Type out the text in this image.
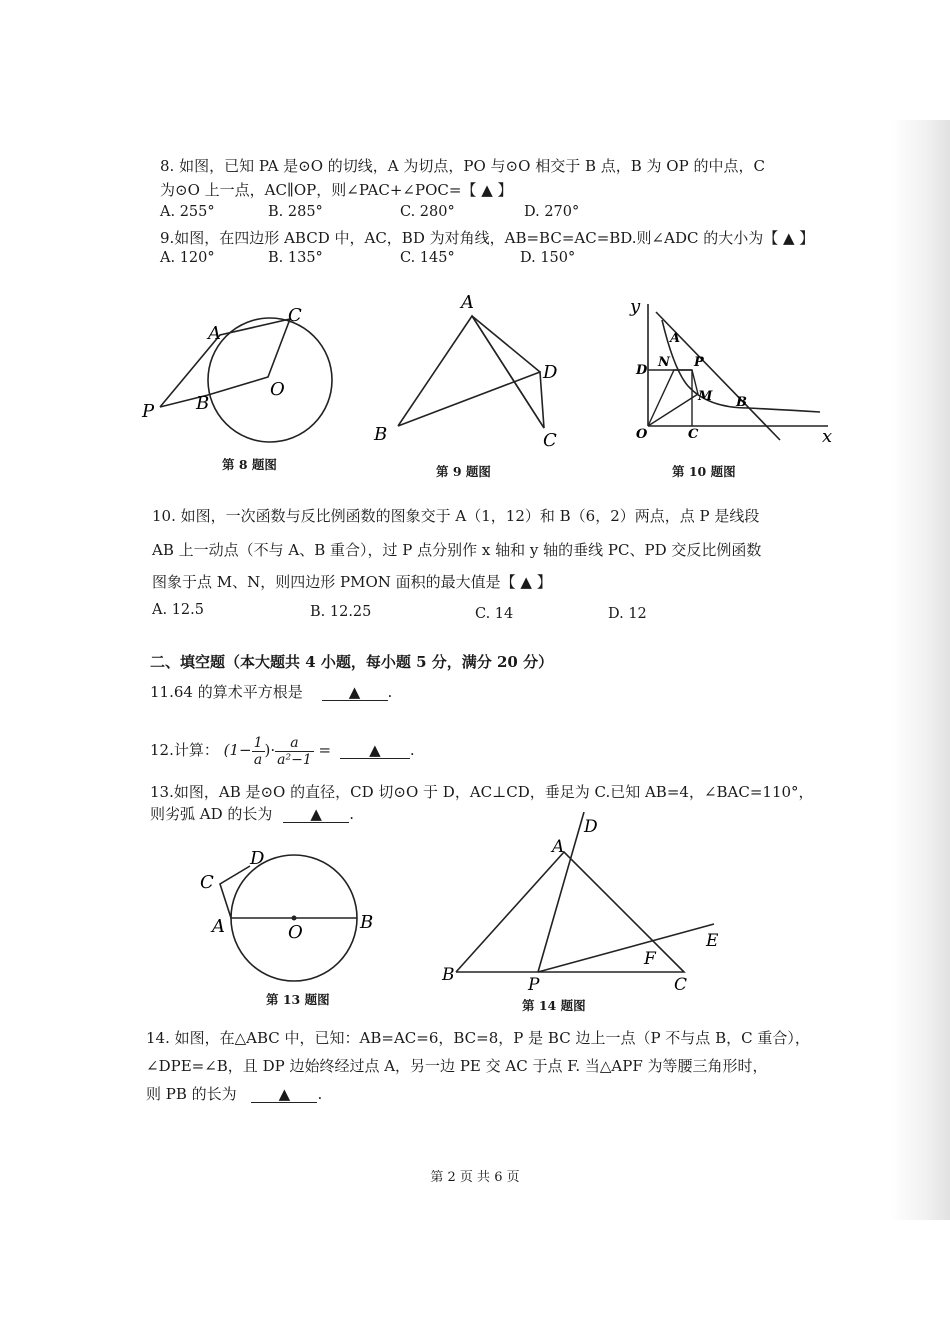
8. 如图，已知 PA 是⊙O 的切线，A 为切点，PO 与⊙O 相交于 B 点，B 为 OP 的中点，C
为⊙O 上一点，AC∥OP，则∠PAC+∠POC=【 ▲ 】
A. 255°	B. 285°	C. 280°	D. 270°
9.如图，在四边形 ABCD 中，AC，BD 为对角线，AB=BC=AC=BD.则∠ADC 的大小为【 ▲ 】
A. 120°	B. 135°	C. 145°	D. 150°
A
C
O
P B
第 8 题图
A
D
B	C
第 9 题图
y
A
N P
D
M B
O	C	x
第 10 题图
10. 如图，一次函数与反比例函数的图象交于 A（1，12）和 B（6，2）两点，点 P 是线段
AB 上一动点（不与 A、B 重合），过 P 点分别作 x 轴和 y 轴的垂线 PC、PD 交反比例函数
图象于点 M、N，则四边形 PMON 面积的最大值是【 ▲ 】
A. 12.5	B. 12.25	C. 14	D. 12
二、填空题（本大题共 4 小题，每小题 5 分，满分 20 分）
11.64 的算术平方根是	▲ .
12.计算： ($1- \frac{1}{a}$ )· $\frac{a}{\text{a²−1}}$ = ▲ .
13.如图，AB 是⊙O 的直径，CD 切⊙O 于 D，AC⊥CD，垂足为 C.已知 AB=4，∠BAC=110°，
则劣弧 AD 的长为	▲ .
D
C
A	O	B
第 13 题图
D
A
E
F
B	P	C
第 14 题图
14. 如图，在△ABC 中，已知：AB=AC=6，BC=8，P 是 BC 边上一点（P 不与点 B，C 重合），
∠DPE=∠B，且 DP 边始终经过点 A，另一边 PE 交 AC 于点 F. 当△APF 为等腰三角形时，
则 PB 的长为	▲ .
第 2 页 共 6 页
